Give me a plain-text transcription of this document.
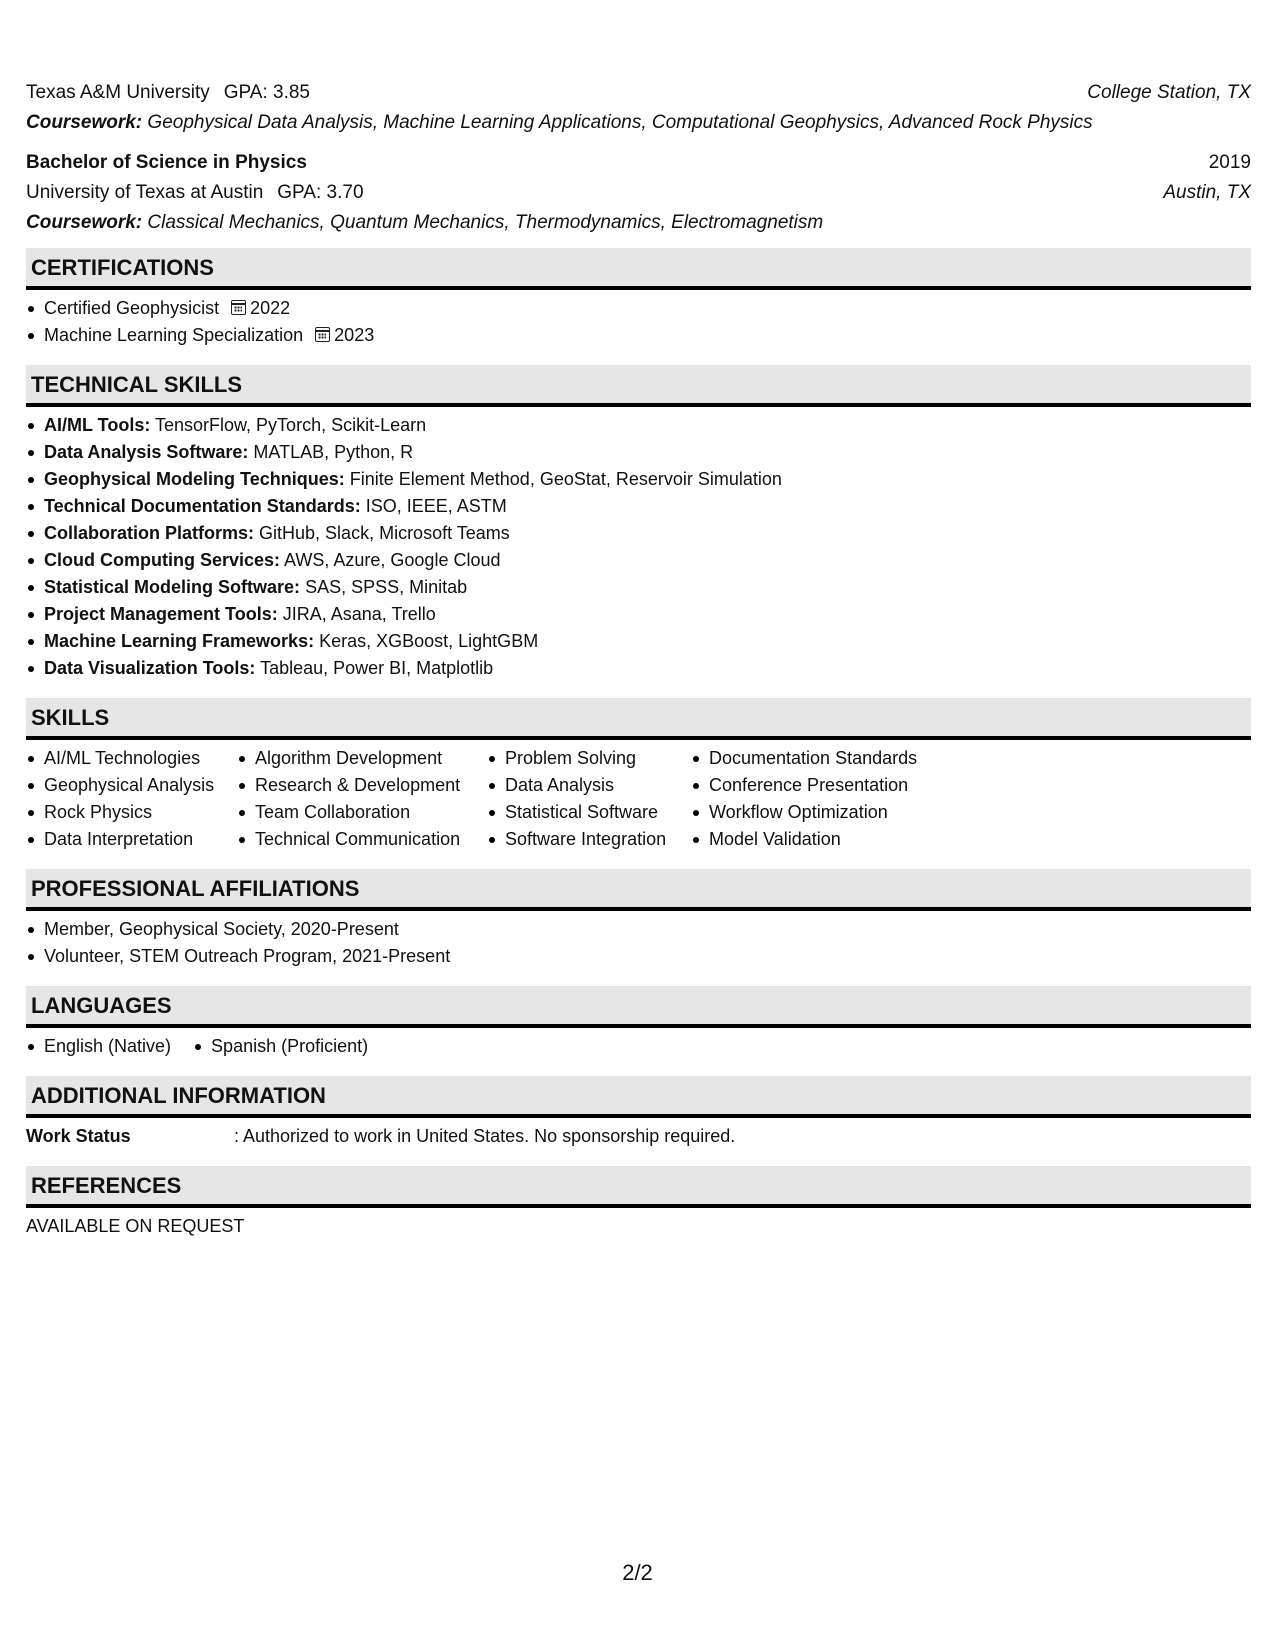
Texas A&M University GPA: 3.85	College Station, TX
Coursework: Geophysical Data Analysis, Machine Learning Applications, Computational Geophysics, Advanced Rock Physics
Bachelor of Science in Physics	2019
University of Texas at Austin GPA: 3.70	Austin, TX
Coursework: Classical Mechanics, Quantum Mechanics, Thermodynamics, Electromagnetism
CERTIFICATIONS
Certified Geophysicist 2022
Machine Learning Specialization 2023
TECHNICAL SKILLS
AI/ML Tools: TensorFlow, PyTorch, Scikit-Learn
Data Analysis Software: MATLAB, Python, R
Geophysical Modeling Techniques: Finite Element Method, GeoStat, Reservoir Simulation
Technical Documentation Standards: ISO, IEEE, ASTM
Collaboration Platforms: GitHub, Slack, Microsoft Teams
Cloud Computing Services: AWS, Azure, Google Cloud
Statistical Modeling Software: SAS, SPSS, Minitab
Project Management Tools: JIRA, Asana, Trello
Machine Learning Frameworks: Keras, XGBoost, LightGBM
Data Visualization Tools: Tableau, Power BI, Matplotlib
SKILLS
AI/ML Technologies
Geophysical Analysis
Rock Physics
Data Interpretation
Algorithm Development
Research & Development
Team Collaboration
Technical Communication
Problem Solving
Data Analysis
Statistical Software
Software Integration
Documentation Standards
Conference Presentation
Workflow Optimization
Model Validation
PROFESSIONAL AFFILIATIONS
Member, Geophysical Society, 2020-Present
Volunteer, STEM Outreach Program, 2021-Present
LANGUAGES
English (Native)	Spanish (Proficient)
ADDITIONAL INFORMATION
Work Status	: Authorized to work in United States. No sponsorship required.
REFERENCES
AVAILABLE ON REQUEST
2/2
